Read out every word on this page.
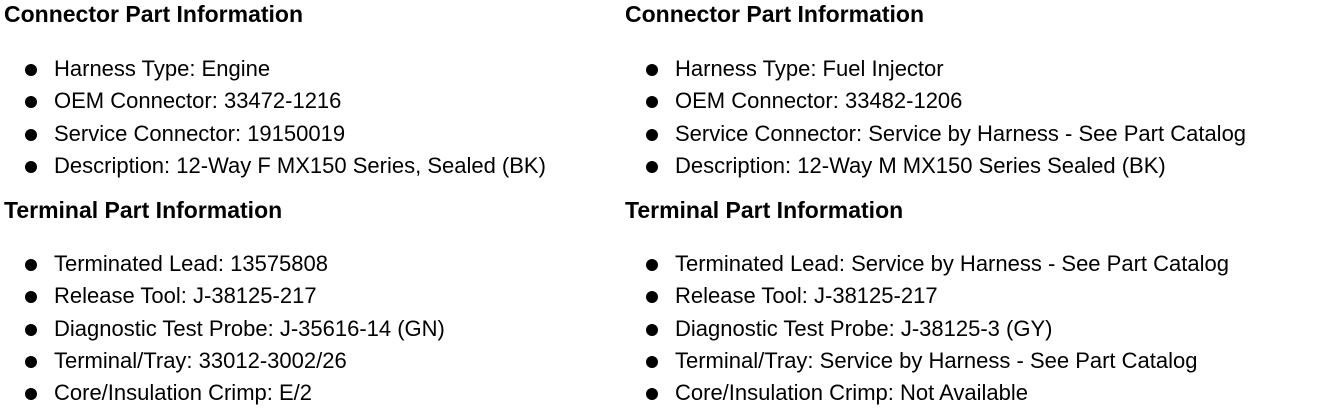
Connector Part Information
Harness Type: Engine
OEM Connector: 33472-1216
Service Connector: 19150019
Description: 12-Way F MX150 Series, Sealed (BK)
Terminal Part Information
Terminated Lead: 13575808
Release Tool: J-38125-217
Diagnostic Test Probe: J-35616-14 (GN)
Terminal/Tray: 33012-3002/26
Core/Insulation Crimp: E/2
Connector Part Information
Harness Type: Fuel Injector
OEM Connector: 33482-1206
Service Connector: Service by Harness - See Part Catalog
Description: 12-Way M MX150 Series Sealed (BK)
Terminal Part Information
Terminated Lead: Service by Harness - See Part Catalog
Release Tool: J-38125-217
Diagnostic Test Probe: J-38125-3 (GY)
Terminal/Tray: Service by Harness - See Part Catalog
Core/Insulation Crimp: Not Available
